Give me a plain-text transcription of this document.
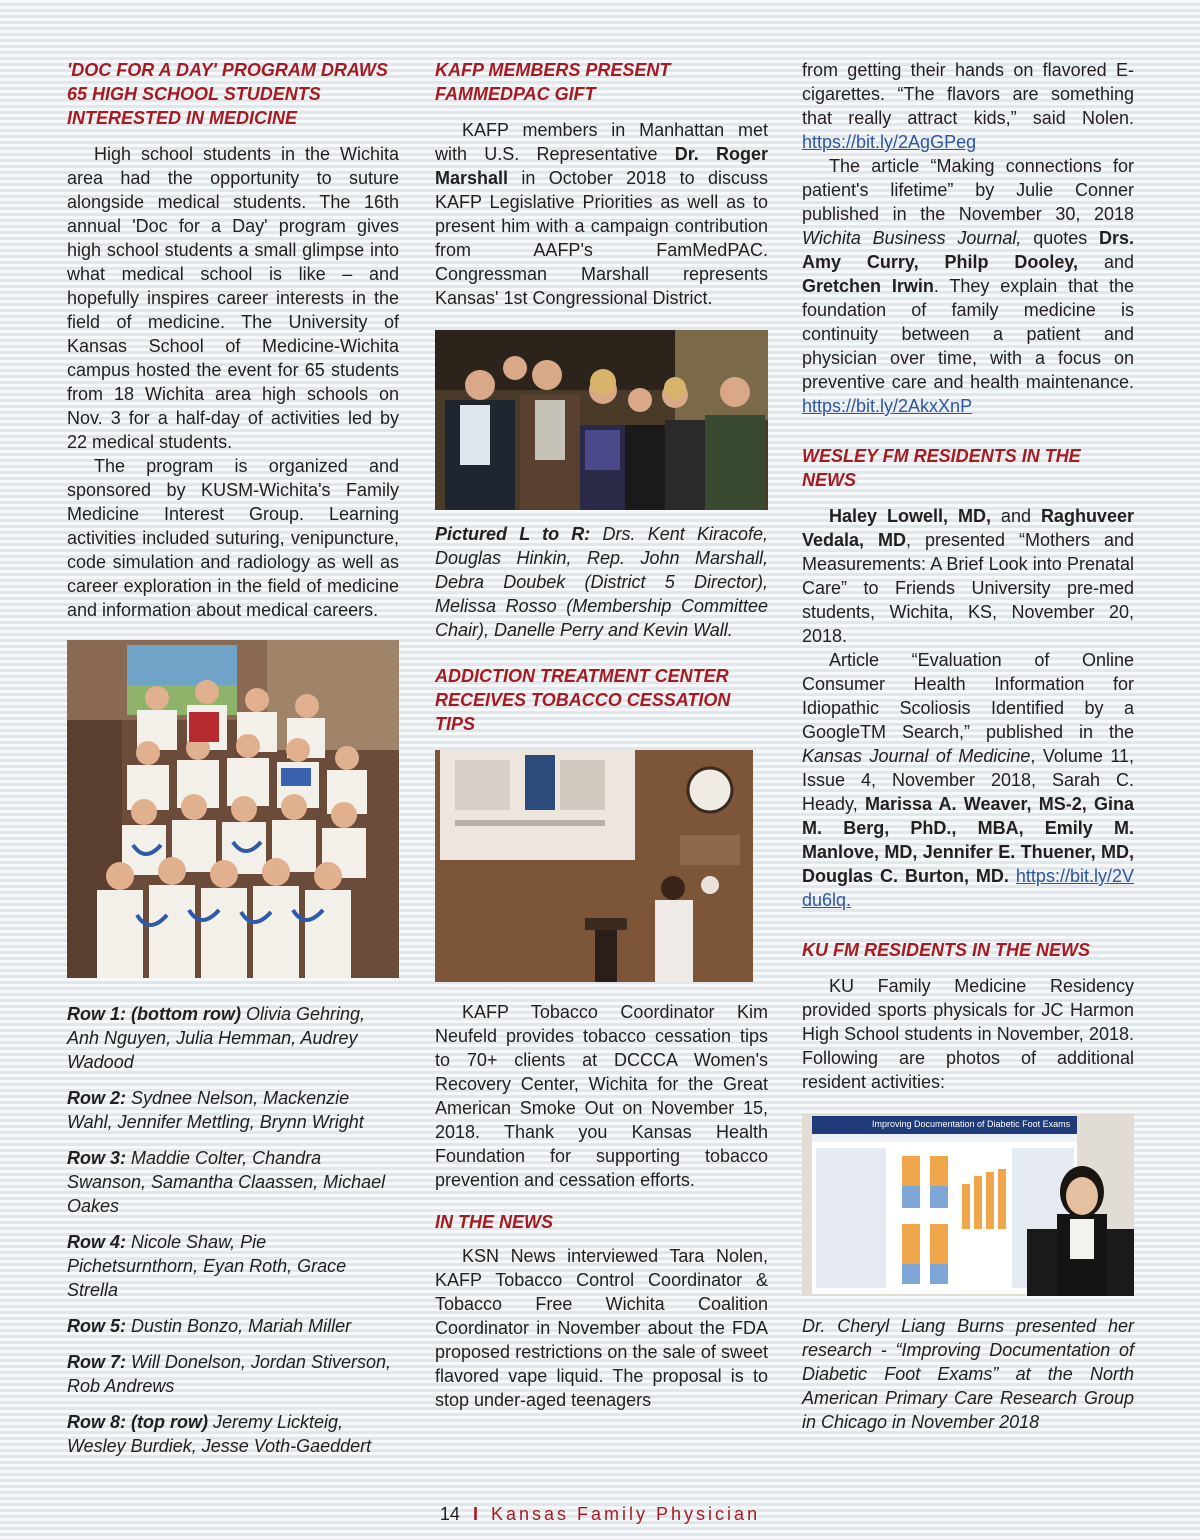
'DOC FOR A DAY' PROGRAM DRAWS 65 HIGH SCHOOL STUDENTS INTERESTED IN MEDICINE

High school students in the Wichita area had the opportunity to suture alongside medical students. The 16th annual 'Doc for a Day' program gives high school students a small glimpse into what medical school is like – and hopefully inspires career interests in the field of medicine. The University of Kansas School of Medicine-Wichita campus hosted the event for 65 students from 18 Wichita area high schools on Nov. 3 for a half-day of activities led by 22 medical students.

The program is organized and sponsored by KUSM-Wichita's Family Medicine Interest Group. Learning activities included suturing, venipuncture, code simulation and radiology as well as career exploration in the field of medicine and information about medical careers.

Row 1: (bottom row) Olivia Gehring, Anh Nguyen, Julia Hemman, Audrey Wadood

Row 2: Sydnee Nelson, Mackenzie Wahl, Jennifer Mettling, Brynn Wright

Row 3: Maddie Colter, Chandra Swanson, Samantha Claassen, Michael Oakes

Row 4: Nicole Shaw, Pie Pichetsurnthorn, Eyan Roth, Grace Strella

Row 5: Dustin Bonzo, Mariah Miller

Row 7: Will Donelson, Jordan Stiverson, Rob Andrews

Row 8: (top row) Jeremy Lickteig, Wesley Burdiek, Jesse Voth-Gaeddert

KAFP MEMBERS PRESENT FAMMEDPAC GIFT

KAFP members in Manhattan met with U.S. Representative Dr. Roger Marshall in October 2018 to discuss KAFP Legislative Priorities as well as to present him with a campaign contribution from AAFP's FamMedPAC. Congressman Marshall represents Kansas' 1st Congressional District.

Pictured L to R: Drs. Kent Kiracofe, Douglas Hinkin, Rep. John Marshall, Debra Doubek (District 5 Director), Melissa Rosso (Membership Committee Chair), Danelle Perry and Kevin Wall.

ADDICTION TREATMENT CENTER RECEIVES TOBACCO CESSATION TIPS

KAFP Tobacco Coordinator Kim Neufeld provides tobacco cessation tips to 70+ clients at DCCCA Women's Recovery Center, Wichita for the Great American Smoke Out on November 15, 2018. Thank you Kansas Health Foundation for supporting tobacco prevention and cessation efforts.

IN THE NEWS

KSN News interviewed Tara Nolen, KAFP Tobacco Control Coordinator & Tobacco Free Wichita Coalition Coordinator in November about the FDA proposed restrictions on the sale of sweet flavored vape liquid. The proposal is to stop under-aged teenagers

from getting their hands on flavored E-cigarettes. “The flavors are something that really attract kids,” said Nolen. https://bit.ly/2AgGPeg

The article “Making connections for patient's lifetime” by Julie Conner published in the November 30, 2018 Wichita Business Journal, quotes Drs. Amy Curry, Philp Dooley, and Gretchen Irwin. They explain that the foundation of family medicine is continuity between a patient and physician over time, with a focus on preventive care and health maintenance. https://bit.ly/2AkxXnP

WESLEY FM RESIDENTS IN THE NEWS

Haley Lowell, MD, and Raghuveer Vedala, MD, presented “Mothers and Measurements: A Brief Look into Prenatal Care” to Friends University pre-med students, Wichita, KS, November 20, 2018.

Article “Evaluation of Online Consumer Health Information for Idiopathic Scoliosis Identified by a GoogleTM Search,” published in the Kansas Journal of Medicine, Volume 11, Issue 4, November 2018, Sarah C. Heady, Marissa A. Weaver, MS-2, Gina M. Berg, PhD., MBA, Emily M. Manlove, MD, Jennifer E. Thuener, MD, Douglas C. Burton, MD. https://bit.ly/2Vdu6lq.

KU FM RESIDENTS IN THE NEWS

KU Family Medicine Residency provided sports physicals for JC Harmon High School students in November, 2018. Following are photos of additional resident activities:

Improving Documentation of Diabetic Foot Exams

Dr. Cheryl Liang Burns presented her research - “Improving Documentation of Diabetic Foot Exams” at the North American Primary Care Research Group in Chicago in November 2018

14 I Kansas Family Physician
